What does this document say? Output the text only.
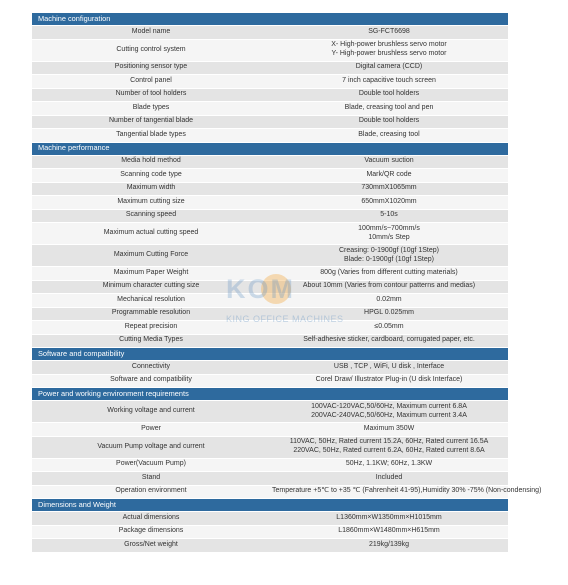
Machine configuration	
Model name	SG-FCT6698

Cutting control system	X- High-power brushless servo motor
Y- High-power brushless servo motor

Positioning sensor type	Digital camera (CCD)

Control panel	7 inch capacitive touch screen

Number of tool holders	Double tool holders

Blade types	Blade, creasing tool and pen

Number of tangential blade	Double tool holders

Tangential blade types	Blade, creasing tool

Machine performance	
Media hold method	Vacuum suction

Scanning code type	Mark/QR code

Maximum width	730mmX1065mm

Maximum cutting size	650mmX1020mm

Scanning speed	5-10s

Maximum actual cutting speed	100mm/s~700mm/s
10mm/s Step

Maximum Cutting Force	Creasing: 0-1900gf (10gf 1Step)
Blade: 0-1900gf (10gf 1Step)

Maximum Paper Weight	800g (Varies from different cutting materials)

Minimum character cutting size	About 10mm (Varies from contour patterns and medias)

Mechanical resolution	0.02mm

Programmable resolution	HPGL 0.025mm

Repeat precision	≤0.05mm

Cutting Media Types	Self-adhesive sticker, cardboard, corrugated paper, etc.

Software and compatibility	
Connectivity	USB , TCP , WiFi, U disk , Interface

Software and compatibility	Corel Draw/ Illustrator Plug-in (U disk Interface)

Power and working environment requirements	
Working voltage and current	100VAC-120VAC,50/60Hz, Maximum current 6.8A
200VAC-240VAC,50/60Hz, Maximum current 3.4A

Power	Maximum 350W

Vacuum Pump voltage and current	110VAC, 50Hz, Rated current 15.2A, 60Hz, Rated current 16.5A
220VAC, 50Hz, Rated current 6.2A, 60Hz, Rated current 8.6A

Power(Vacuum Pump)	50Hz, 1.1KW; 60Hz, 1.3KW

Stand	Included

Operation environment	Temperature +5℃ to +35 ℃ (Fahrenheit 41-95),Humidity 30% -75% (Non-condensing)

Dimensions and Weight	
Actual dimensions	L1360mm×W1350mm×H1015mm

Package dimensions	L1860mm×W1480mm×H615mm

Gross/Net weight	219kg/139kg
KOM
KING OFFICE MACHINES
